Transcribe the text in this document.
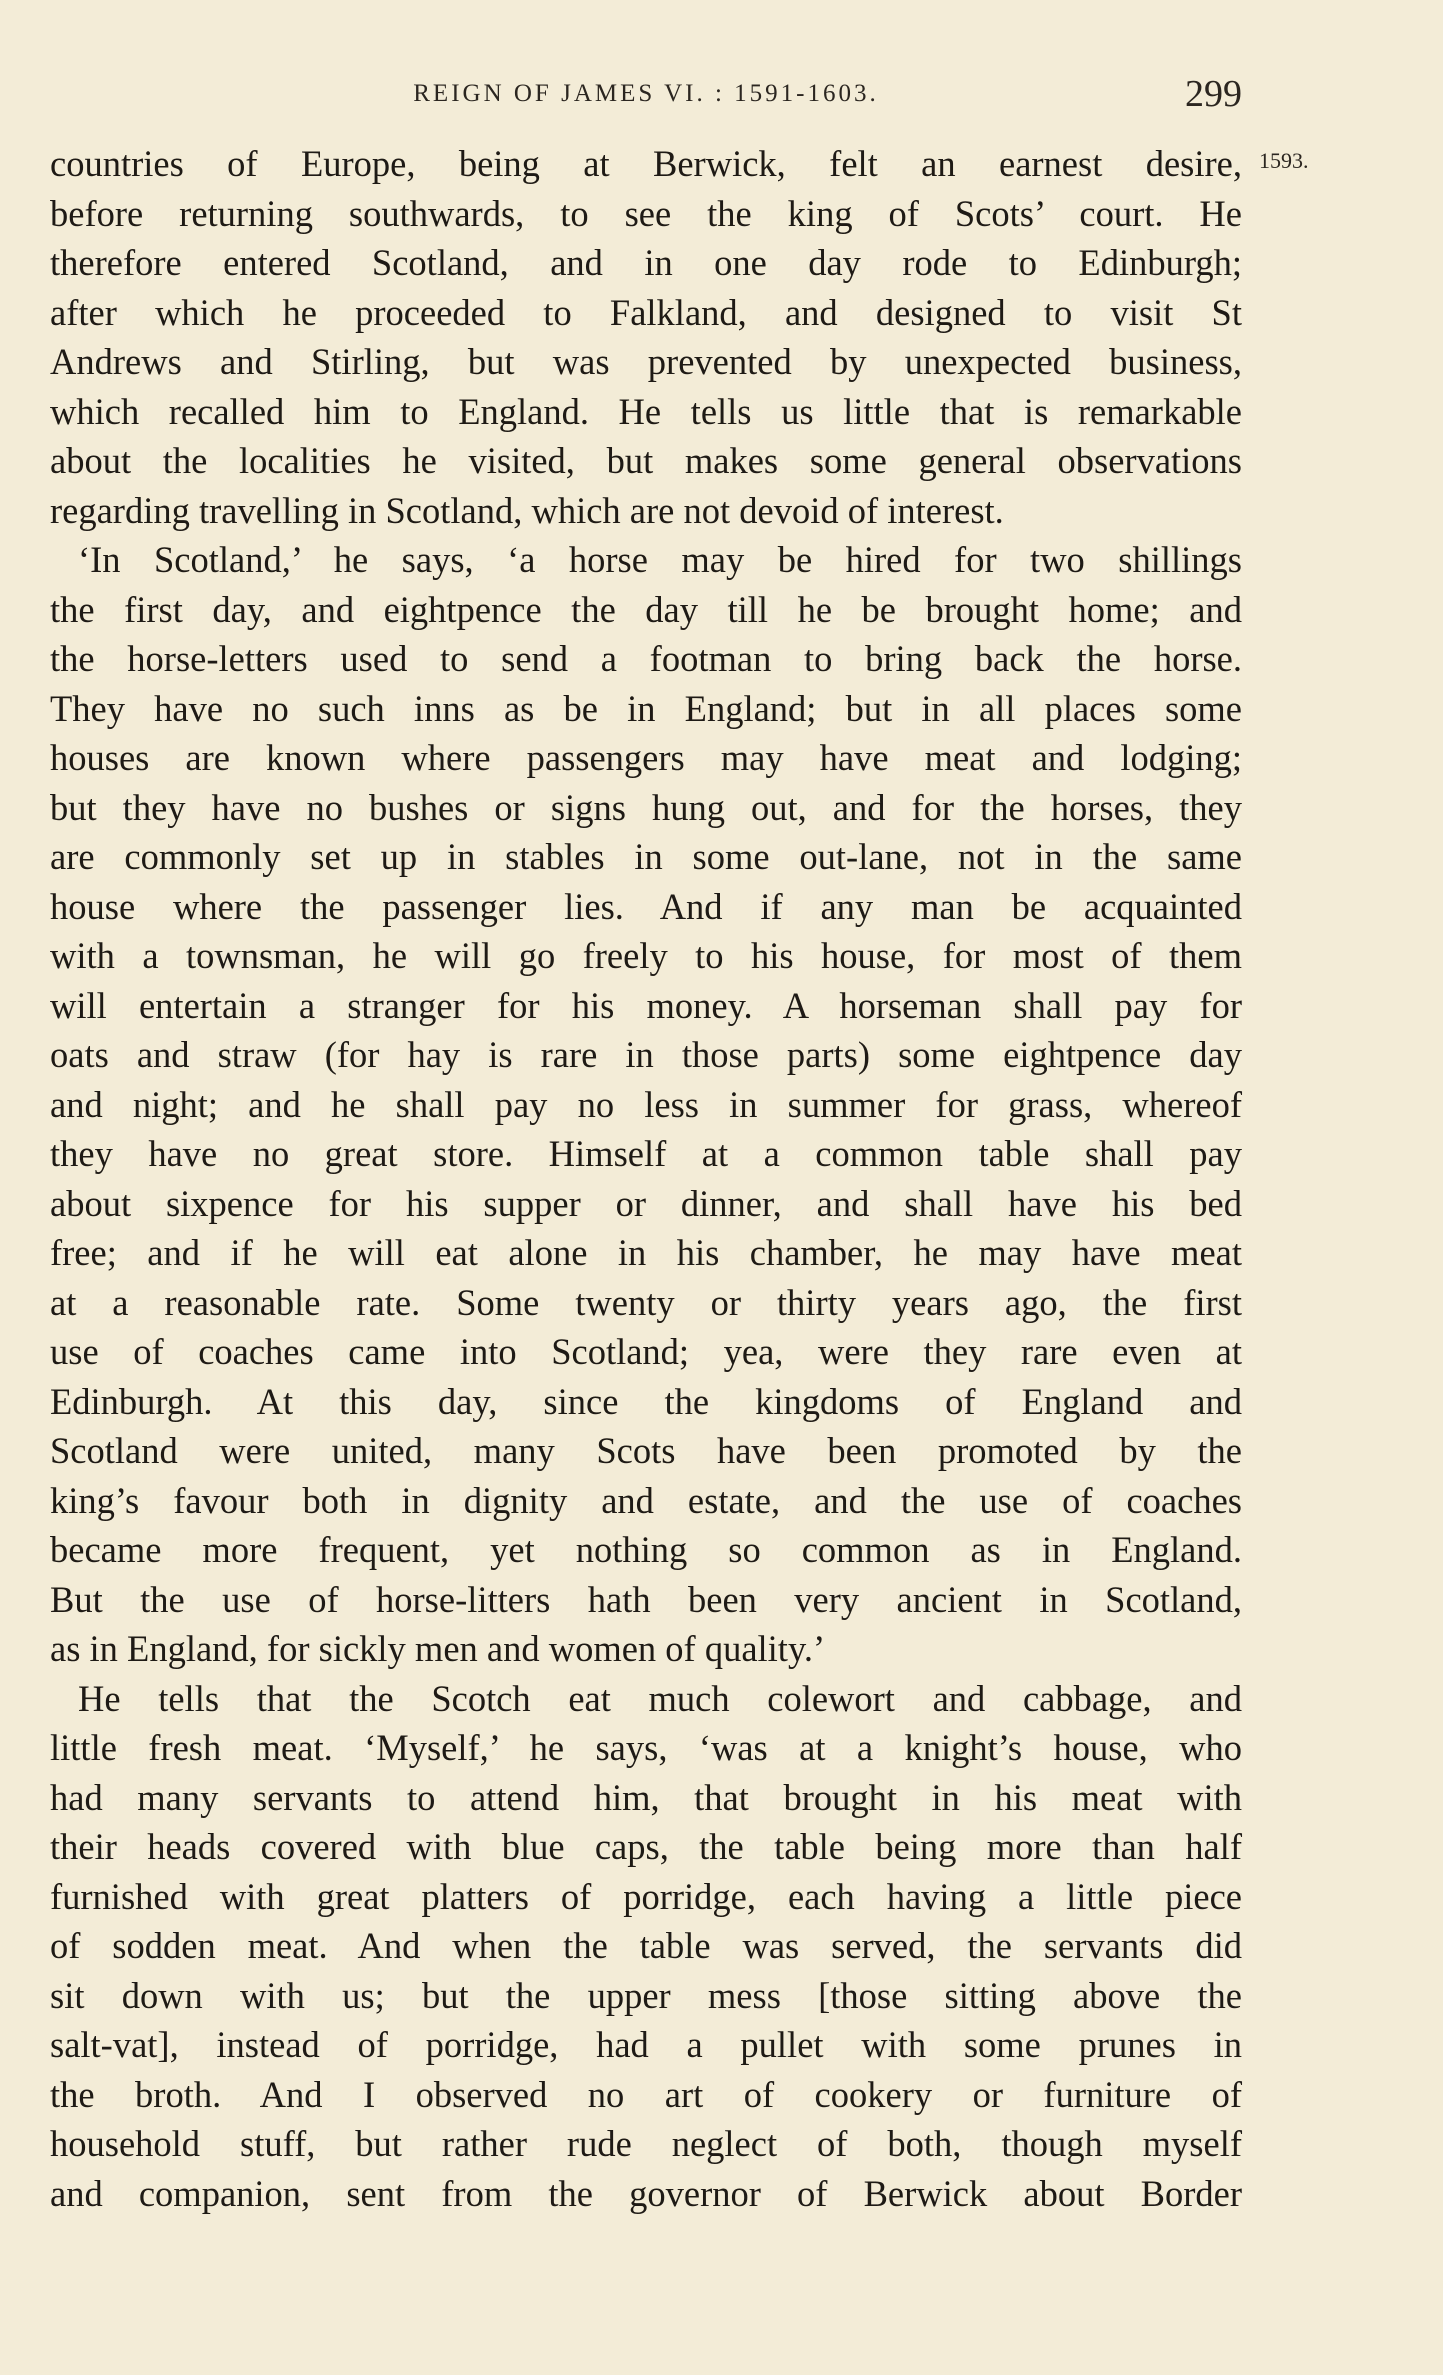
REIGN OF JAMES VI. : 1591-1603.	299
1593.
countries of Europe, being at Berwick, felt an earnest desire,
before returning southwards, to see the king of Scots’ court. He
therefore entered Scotland, and in one day rode to Edinburgh;
after which he proceeded to Falkland, and designed to visit St
Andrews and Stirling, but was prevented by unexpected business,
which recalled him to England. He tells us little that is remarkable
about the localities he visited, but makes some general observations
regarding travelling in Scotland, which are not devoid of interest.
‘In Scotland,’ he says, ‘a horse may be hired for two shillings
the first day, and eightpence the day till he be brought home; and
the horse-letters used to send a footman to bring back the horse.
They have no such inns as be in England; but in all places some
houses are known where passengers may have meat and lodging;
but they have no bushes or signs hung out, and for the horses, they
are commonly set up in stables in some out-lane, not in the same
house where the passenger lies. And if any man be acquainted
with a townsman, he will go freely to his house, for most of them
will entertain a stranger for his money. A horseman shall pay for
oats and straw (for hay is rare in those parts) some eightpence day
and night; and he shall pay no less in summer for grass, whereof
they have no great store. Himself at a common table shall pay
about sixpence for his supper or dinner, and shall have his bed
free; and if he will eat alone in his chamber, he may have meat
at a reasonable rate. Some twenty or thirty years ago, the first
use of coaches came into Scotland; yea, were they rare even at
Edinburgh. At this day, since the kingdoms of England and
Scotland were united, many Scots have been promoted by the
king’s favour both in dignity and estate, and the use of coaches
became more frequent, yet nothing so common as in England.
But the use of horse-litters hath been very ancient in Scotland,
as in England, for sickly men and women of quality.’
He tells that the Scotch eat much colewort and cabbage, and
little fresh meat. ‘Myself,’ he says, ‘was at a knight’s house, who
had many servants to attend him, that brought in his meat with
their heads covered with blue caps, the table being more than half
furnished with great platters of porridge, each having a little piece
of sodden meat. And when the table was served, the servants did
sit down with us; but the upper mess [those sitting above the
salt-vat], instead of porridge, had a pullet with some prunes in
the broth. And I observed no art of cookery or furniture of
household stuff, but rather rude neglect of both, though myself
and companion, sent from the governor of Berwick about Border
